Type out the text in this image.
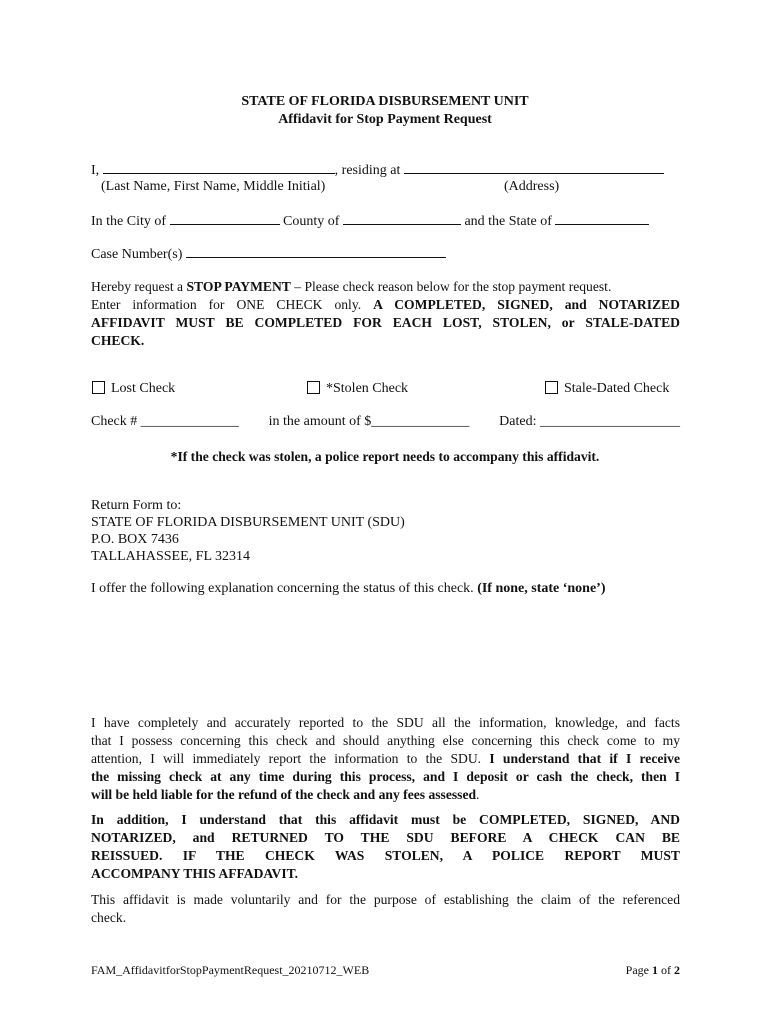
STATE OF FLORIDA DISBURSEMENT UNIT
Affidavit for Stop Payment Request
I,	, residing at
(Last Name, First Name, Middle Initial)	(Address)
In the City of	County of	and the State of
Case Number(s)
Hereby request a STOP PAYMENT – Please check reason below for the stop payment request.
Enter information for ONE CHECK only. A COMPLETED, SIGNED, and NOTARIZED
AFFIDAVIT MUST BE COMPLETED FOR EACH LOST, STOLEN, or STALE-DATED
CHECK.
Lost Check	*Stolen Check	Stale-Dated Check
Check # ______________ in the amount of $______________ Dated: ____________________
*If the check was stolen, a police report needs to accompany this affidavit.
Return Form to:
STATE OF FLORIDA DISBURSEMENT UNIT (SDU)
P.O. BOX 7436
TALLAHASSEE, FL 32314
I offer the following explanation concerning the status of this check. (If none, state ‘none’)
I have completely and accurately reported to the SDU all the information, knowledge, and facts
that I possess concerning this check and should anything else concerning this check come to my
attention, I will immediately report the information to the SDU. I understand that if I receive
the missing check at any time during this process, and I deposit or cash the check, then I
will be held liable for the refund of the check and any fees assessed.
In addition, I understand that this affidavit must be COMPLETED, SIGNED, AND
NOTARIZED, and RETURNED TO THE SDU BEFORE A CHECK CAN BE
REISSUED. IF THE CHECK WAS STOLEN, A POLICE REPORT MUST
ACCOMPANY THIS AFFADAVIT.
This affidavit is made voluntarily and for the purpose of establishing the claim of the referenced
check.
FAM_AffidavitforStopPaymentRequest_20210712_WEB	Page 1 of 2
